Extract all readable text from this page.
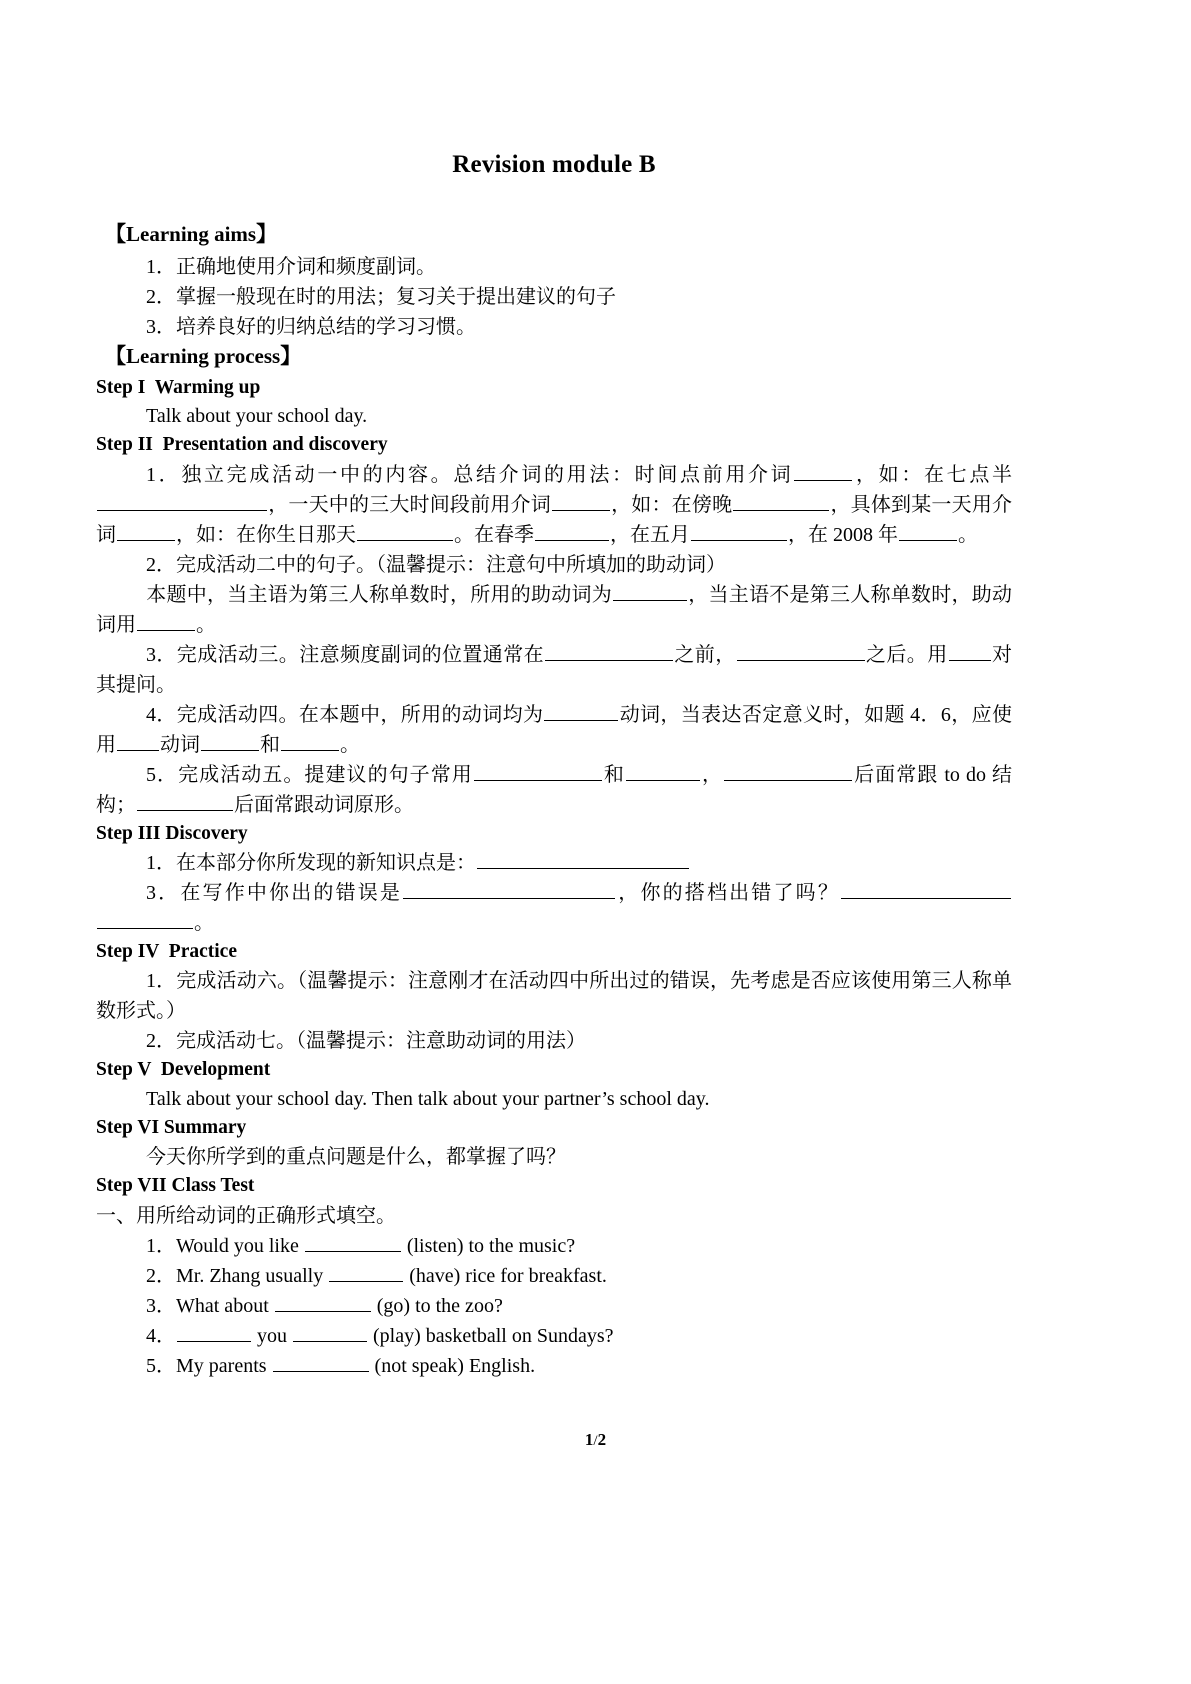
Revision module B
【Learning aims】
1．正确地使用介词和频度副词。
2．掌握一般现在时的用法；复习关于提出建议的句子
3．培养良好的归纳总结的学习习惯。
【Learning process】
Step I  Warming up
Talk about your school day.
Step II  Presentation and discovery
1．独立完成活动一中的内容。总结介词的用法：时间点前用介词	，如：在七点半，一天中的三大时间段前用介词	，如：在傍晚	，具体到某一天用介词	，如：在你生日那天	。在春季	，在五月	，在 2008 年	。
2．完成活动二中的句子。（温馨提示：注意句中所填加的助动词）
本题中，当主语为第三人称单数时，所用的助动词为	，当主语不是第三人称单数时，助动词用	。
3．完成活动三。注意频度副词的位置通常在	之前，	之后。用 对其提问。
4．完成活动四。在本题中，所用的动词均为	动词，当表达否定意义时，如题 4．6，应使用 动词	和	。
5．完成活动五。提建议的句子常用	和	，	后面常跟 to do 结构；	后面常跟动词原形。
Step III Discovery
1．在本部分你所发现的新知识点是：
3．在写作中你出的错误是	，你的搭档出错了吗？。
Step IV  Practice
1．完成活动六。（温馨提示：注意刚才在活动四中所出过的错误，先考虑是否应该使用第三人称单数形式。）
2．完成活动七。（温馨提示：注意助动词的用法）
Step V  Development
Talk about your school day. Then talk about your partner’s school day.
Step VI Summary
今天你所学到的重点问题是什么，都掌握了吗？
Step VII Class Test
一、用所给动词的正确形式填空。
1．Would you like	(listen) to the music?
2．Mr. Zhang usually	(have) rice for breakfast.
3．What about	(go) to the zoo?
4．	you	(play) basketball on Sundays?
5．My parents	(not speak) English.
1/2
